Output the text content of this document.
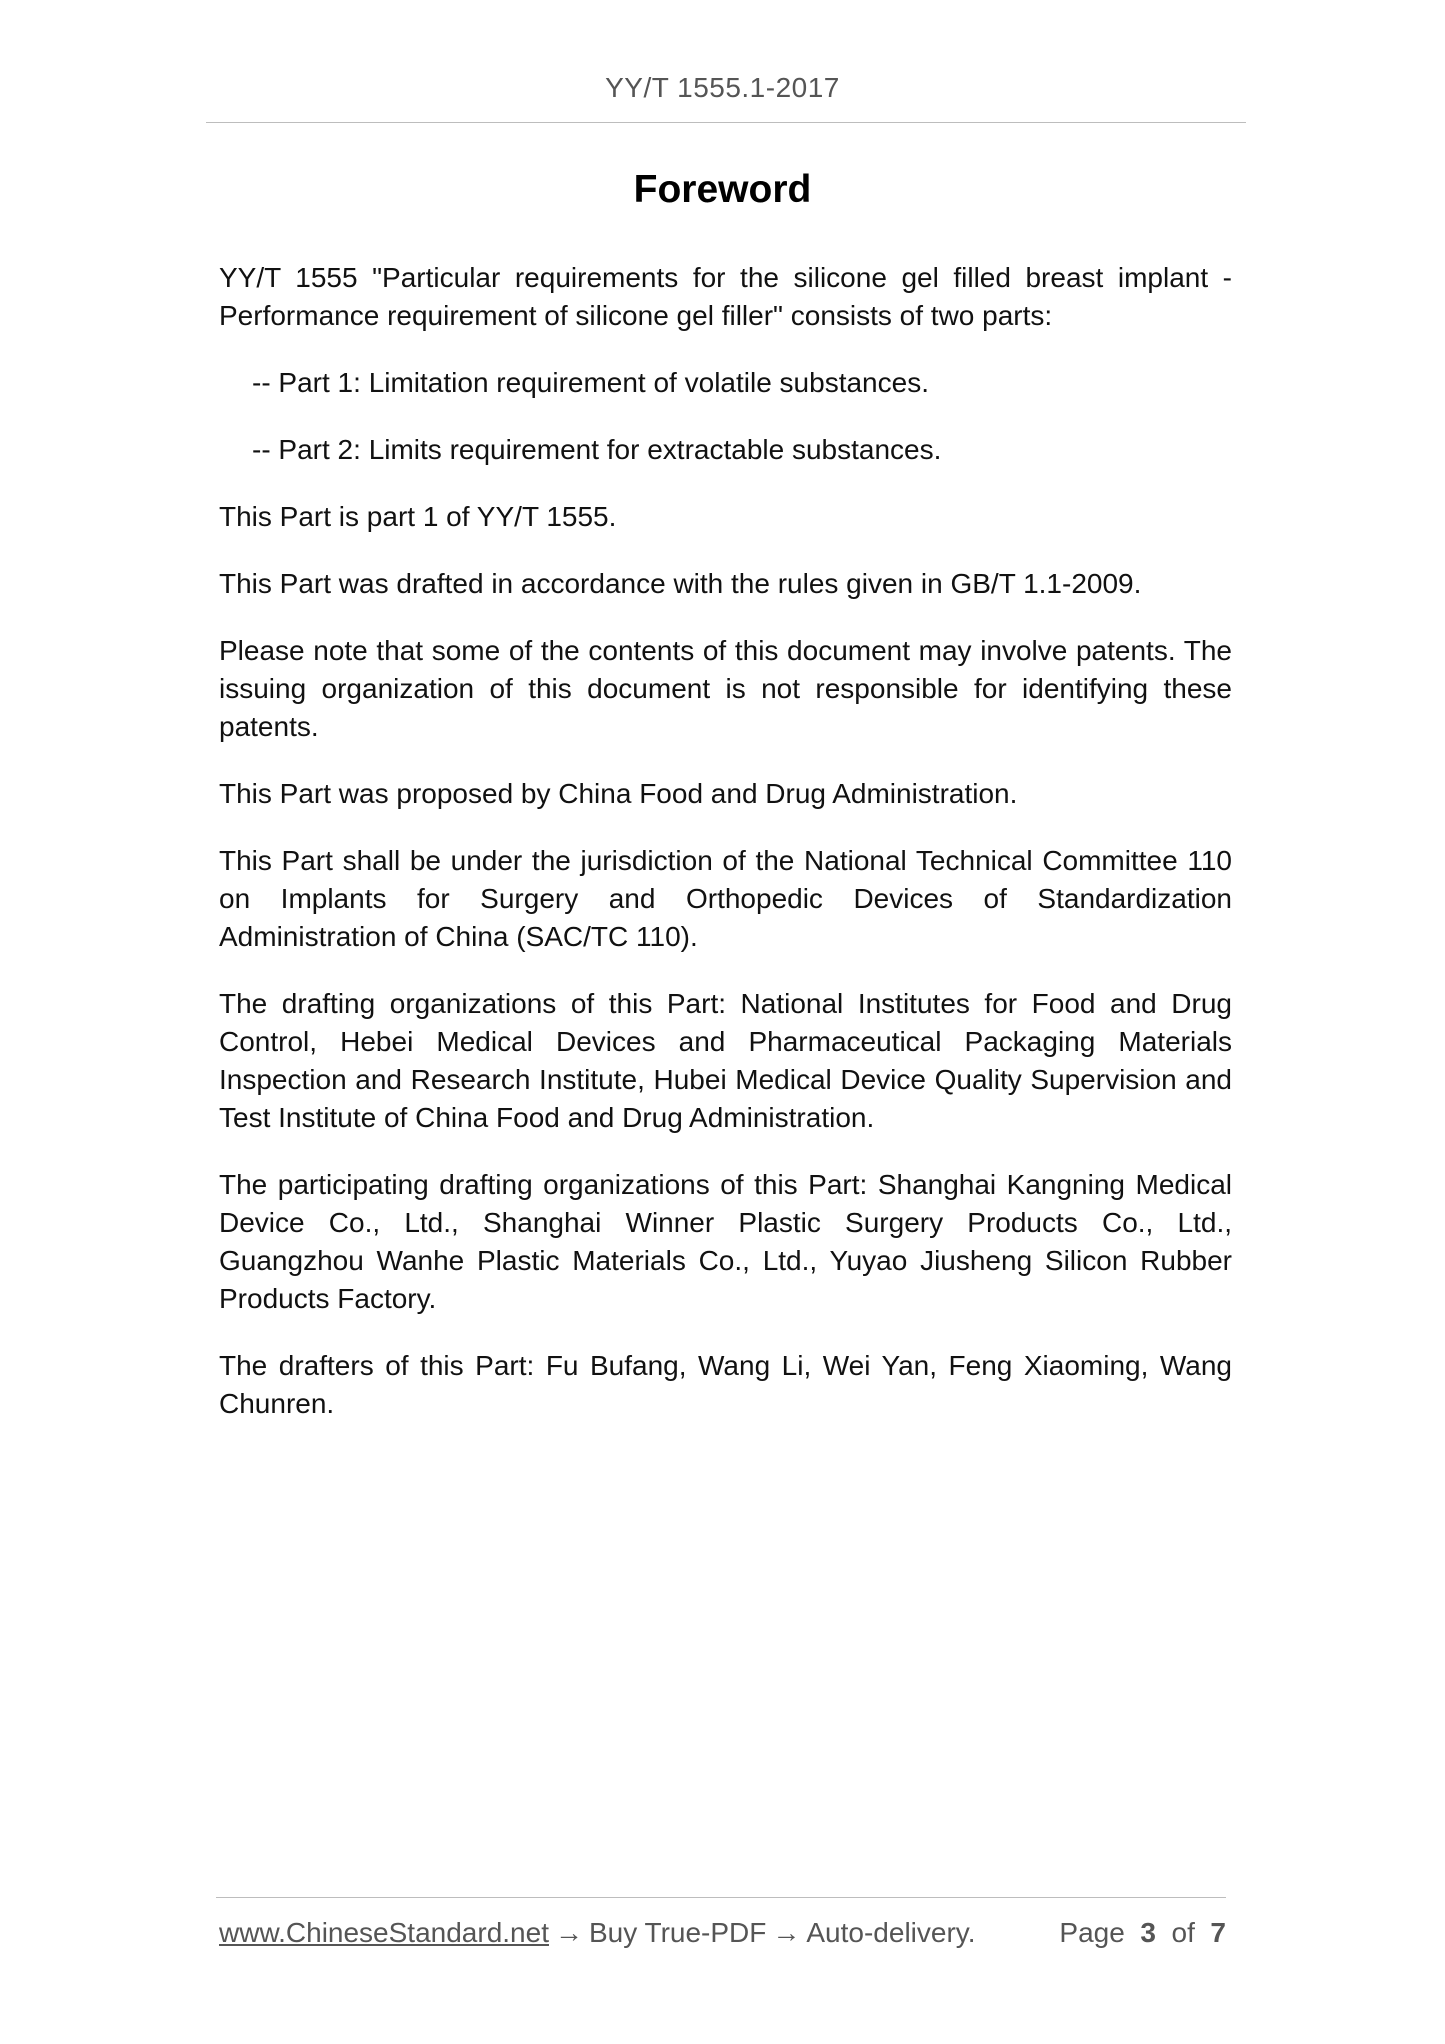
YY/T 1555.1-2017
Foreword

YY/T 1555 "Particular requirements for the silicone gel filled breast implant - Performance requirement of silicone gel filler" consists of two parts:

-- Part 1: Limitation requirement of volatile substances.

-- Part 2: Limits requirement for extractable substances.

This Part is part 1 of YY/T 1555.

This Part was drafted in accordance with the rules given in GB/T 1.1-2009.

Please note that some of the contents of this document may involve patents. The issuing organization of this document is not responsible for identifying these patents.

This Part was proposed by China Food and Drug Administration.

This Part shall be under the jurisdiction of the National Technical Committee 110 on Implants for Surgery and Orthopedic Devices of Standardization Administration of China (SAC/TC 110).

The drafting organizations of this Part: National Institutes for Food and Drug Control, Hebei Medical Devices and Pharmaceutical Packaging Materials Inspection and Research Institute, Hubei Medical Device Quality Supervision and Test Institute of China Food and Drug Administration.

The participating drafting organizations of this Part: Shanghai Kangning Medical Device Co., Ltd., Shanghai Winner Plastic Surgery Products Co., Ltd., Guangzhou Wanhe Plastic Materials Co., Ltd., Yuyao Jiusheng Silicon Rubber Products Factory.

The drafters of this Part: Fu Bufang, Wang Li, Wei Yan, Feng Xiaoming, Wang Chunren.

www.ChineseStandard.net → Buy True-PDF → Auto-delivery.	Page 3 of 7
